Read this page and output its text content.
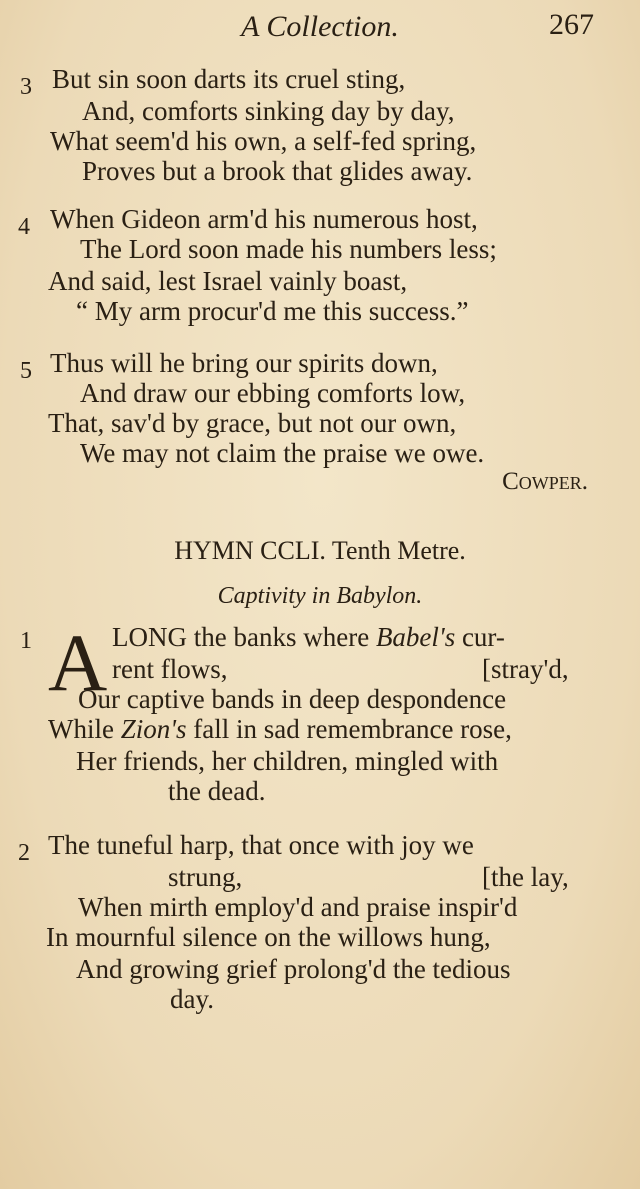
A Collection.	267
3 But sin soon darts its cruel sting,
And, comforts sinking day by day,
What seem'd his own, a self-fed spring,
Proves but a brook that glides away.
4 When Gideon arm'd his numerous host,
The Lord soon made his numbers less;
And said, lest Israel vainly boast,
“ My arm procur'd me this success.”
5 Thus will he bring our spirits down,
And draw our ebbing comforts low,
That, sav'd by grace, but not our own,
We may not claim the praise we owe.
Cowper.
HYMN CCLI. Tenth Metre.
Captivity in Babylon.
1 A LONG the banks where Babel's cur-
rent flows,	[stray'd,
Our captive bands in deep despondence
While Zion's fall in sad remembrance rose,
Her friends, her children, mingled with
the dead.
2 The tuneful harp, that once with joy we
strung,	[the lay,
When mirth employ'd and praise inspir'd
In mournful silence on the willows hung,
And growing grief prolong'd the tedious
day.
